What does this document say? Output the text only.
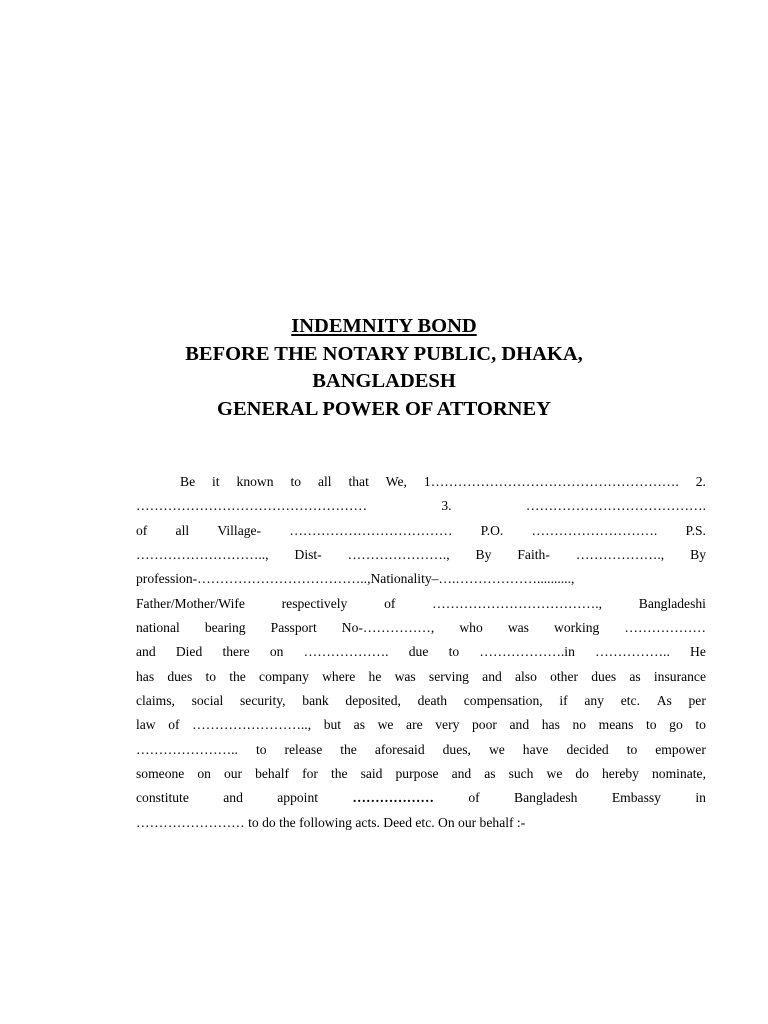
INDEMNITY BOND
BEFORE THE NOTARY PUBLIC, DHAKA,
BANGLADESH
GENERAL POWER OF ATTORNEY
Be it known to all that We, 1………………………………………………. 2.
……………………………………………	3.	………………………………….
of all Village- ……………………………… P.O. ………………………. P.S.
……………………….., Dist- …………………., By Faith- ………………., By
profession-………………………………..,Nationality–….………………..........,
Father/Mother/Wife	respectively	of	……………………………….,	Bangladeshi
national bearing Passport No-……………, who was working ………………
and Died there on ………………. due to ……………….in …………….. He
has dues to the company where he was serving and also other dues as insurance
claims, social security, bank deposited, death compensation, if any etc. As per
law of …………………….., but as we are very poor and has no means to go to
………………….. to release the aforesaid dues, we have decided to empower
someone on our behalf for the said purpose and as such we do hereby nominate,
constitute	and	appoint	………………	of	Bangladesh	Embassy	in
…………………… to do the following acts. Deed etc. On our behalf :-
